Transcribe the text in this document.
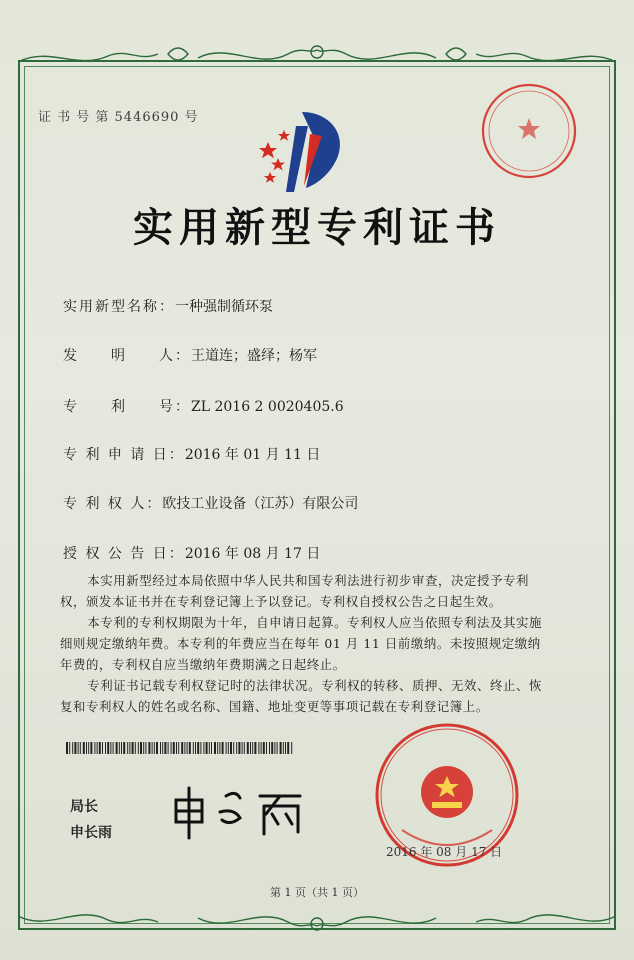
证 书 号 第 5446690 号
实用新型专利证书
实用新型名称：一种强制循环泵
发　　明　　人：王道连；盛绎；杨军
专　　利　　号：ZL 2016 2 0020405.6
专 利 申 请 日：2016 年 01 月 11 日
专 利 权 人：欧技工业设备（江苏）有限公司
授 权 公 告 日：2016 年 08 月 17 日

本实用新型经过本局依照中华人民共和国专利法进行初步审查，决定授予专利权，颁发本证书并在专利登记簿上予以登记。专利权自授权公告之日起生效。

本专利的专利权期限为十年，自申请日起算。专利权人应当依照专利法及其实施细则规定缴纳年费。本专利的年费应当在每年 01 月 11 日前缴纳。未按照规定缴纳年费的，专利权自应当缴纳年费期满之日起终止。

专利证书记载专利权登记时的法律状况。专利权的转移、质押、无效、终止、恢复和专利权人的姓名或名称、国籍、地址变更等事项记载在专利登记簿上。

局长
申长雨
2016 年 08 月 17 日
第 1 页（共 1 页）
